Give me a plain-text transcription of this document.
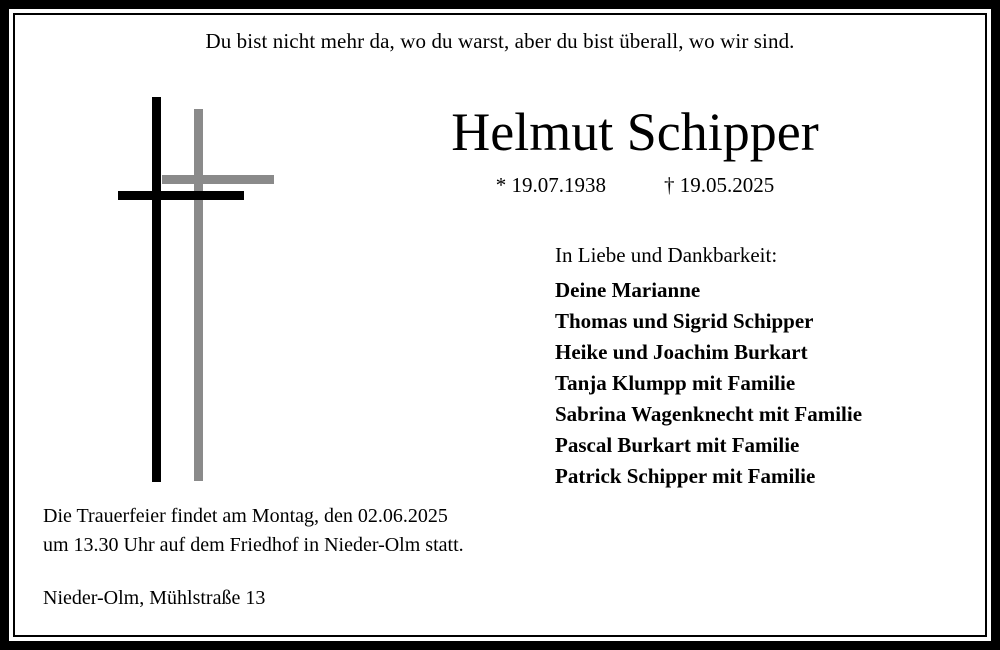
Du bist nicht mehr da, wo du warst, aber du bist überall, wo wir sind.
Helmut Schipper
* 19.07.1938	† 19.05.2025
In Liebe und Dankbarkeit:
Deine Marianne
Thomas und Sigrid Schipper
Heike und Joachim Burkart
Tanja Klumpp mit Familie
Sabrina Wagenknecht mit Familie
Pascal Burkart mit Familie
Patrick Schipper mit Familie
Die Trauerfeier findet am Montag, den 02.06.2025
um 13.30 Uhr auf dem Friedhof in Nieder-Olm statt.
Nieder-Olm, Mühlstraße 13
